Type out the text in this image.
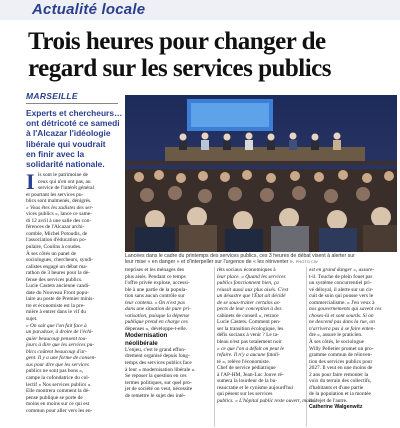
Actualité locale
Trois heures pour changer de
regard sur les services publics
MARSEILLE
Experts et chercheurs…
ont détricoté ce samedi
à l'Alcazar l'idéologie
libérale qui voudrait
en finir avec la
solidarité nationale.
Lancées dans le cadre du printemps des services publics, ces 3 heures de débat visent à alerter sur
leur mise « en danger » et d'interpeller sur l'urgence de « les réinventer ». PHOTO CW
I ls sont le patrimoine de
ceux qui n'en ont pas, au
service de l'intérêt général
et pourtant les services pu-
blics sont malmenés, dénigrés.
« Vous êtes les zadistes des ser-
vices publics », lance ce same-
di 12 avril à une salle des con-
férences de l'Alcazar archi-
comble, Michel Potoudis, de
l'association d'éducation po-
pulaire, Coulins à coudes.
À ses côtés un panel de
sociologues, chercheurs, syndi-
calistes engagé un débat ma-
rathon de 3 heures pour la dé-
fense des services publics.
Lucie Castets ancienne candi-
date du Nouveau Front popu-
laire au poste de Premier minis-
tre et économiste est la pre-
mière à entrer dans le vif du
sujet.
« On sait que l'on fait face à
un paradoxe, à droite de l'échi-
quier beaucoup pensent tou-
jours à dire que les services pu-
blics coûtent beaucoup d'ar-
gent. Il y a une forme de consen-
sus pour dire que les services
publics ne sont pas bons »,
campe la cofondatrice du col-
lectif « Nos services publics ».
Elle montrera comment la dé-
pense publique se porte de
moins en moins sur ce qui est
commun pour aller vers les en-
treprises et les ménages des
plus aisés. Pendant ce temps
l'offre privée explose, accessi-
ble à une partie de la popula-
tion sans aucun contrôle sur
leur contenu. « On n'est pas
dans une situation de pure pri-
vatisation, puisque la dépense
publique prend en charge ces
dépenses », développe-t-elle.
Modernisation
néolibérale
L'enjeu, c'est le grand effon-
drement organisé depuis long-
temps des services publics face
à leur « modernisation libérale ».
Se reposer la question en ces
termes politiques, sur quel pro-
jet de société on veut, nécessite
de remettre le sujet des inté-
rêts sociaux économiques à
leur place. « Quand les services
publics fonctionnent bien, ça
réussit aussi aux plus aisés. C'est
un désastre que l'État ait décidé
de se sous-traiter certains as-
pects de leur conception à des
cabinets de conseil », retrace
Lucie Castets. Comment pen-
ser la transition écologique, les
défis sociaux à venir ? Le ta-
bleau n'est pas totalement noir
« ce que l'on a défait on peut le
refaire. Il n'y a aucune fatali-
té », relève l'économiste.
Chef de service pédiatrique
à l'AP-HM, Jean-Luc Jouve ré-
sumera la lourdeur de la bu-
reaucratie et le cynisme aujourd'hui
qui pèsent sur les services
publics. « L'hôpital public reste ouvert, mais il
est en grand danger », assure-
t-il. Touche de plein fouet par
un système concurrentiel pri-
vé déloyal, il alerte sur un cir-
cuit de soin qui pousse vers le
commercialisme. « J'en veux à
nos gouvernements qui savent ces
choses-là et sont sourds. Si on
ne descend pas dans la rue, on
n'arrivera pas à se faire enten-
dre », assure le praticien.
À ses côtés, le sociologue
Willy Pelletier promet un pro-
gramme commun de réinven-
tion des services publics pour
2027. Il veut en une moins de
2 ans pour faire remonter la
voix du terrain des collectifs,
d'habitants et d'une partie
de la population et la montée
du rejet de l'autre.
Catherine Walgenwitz
